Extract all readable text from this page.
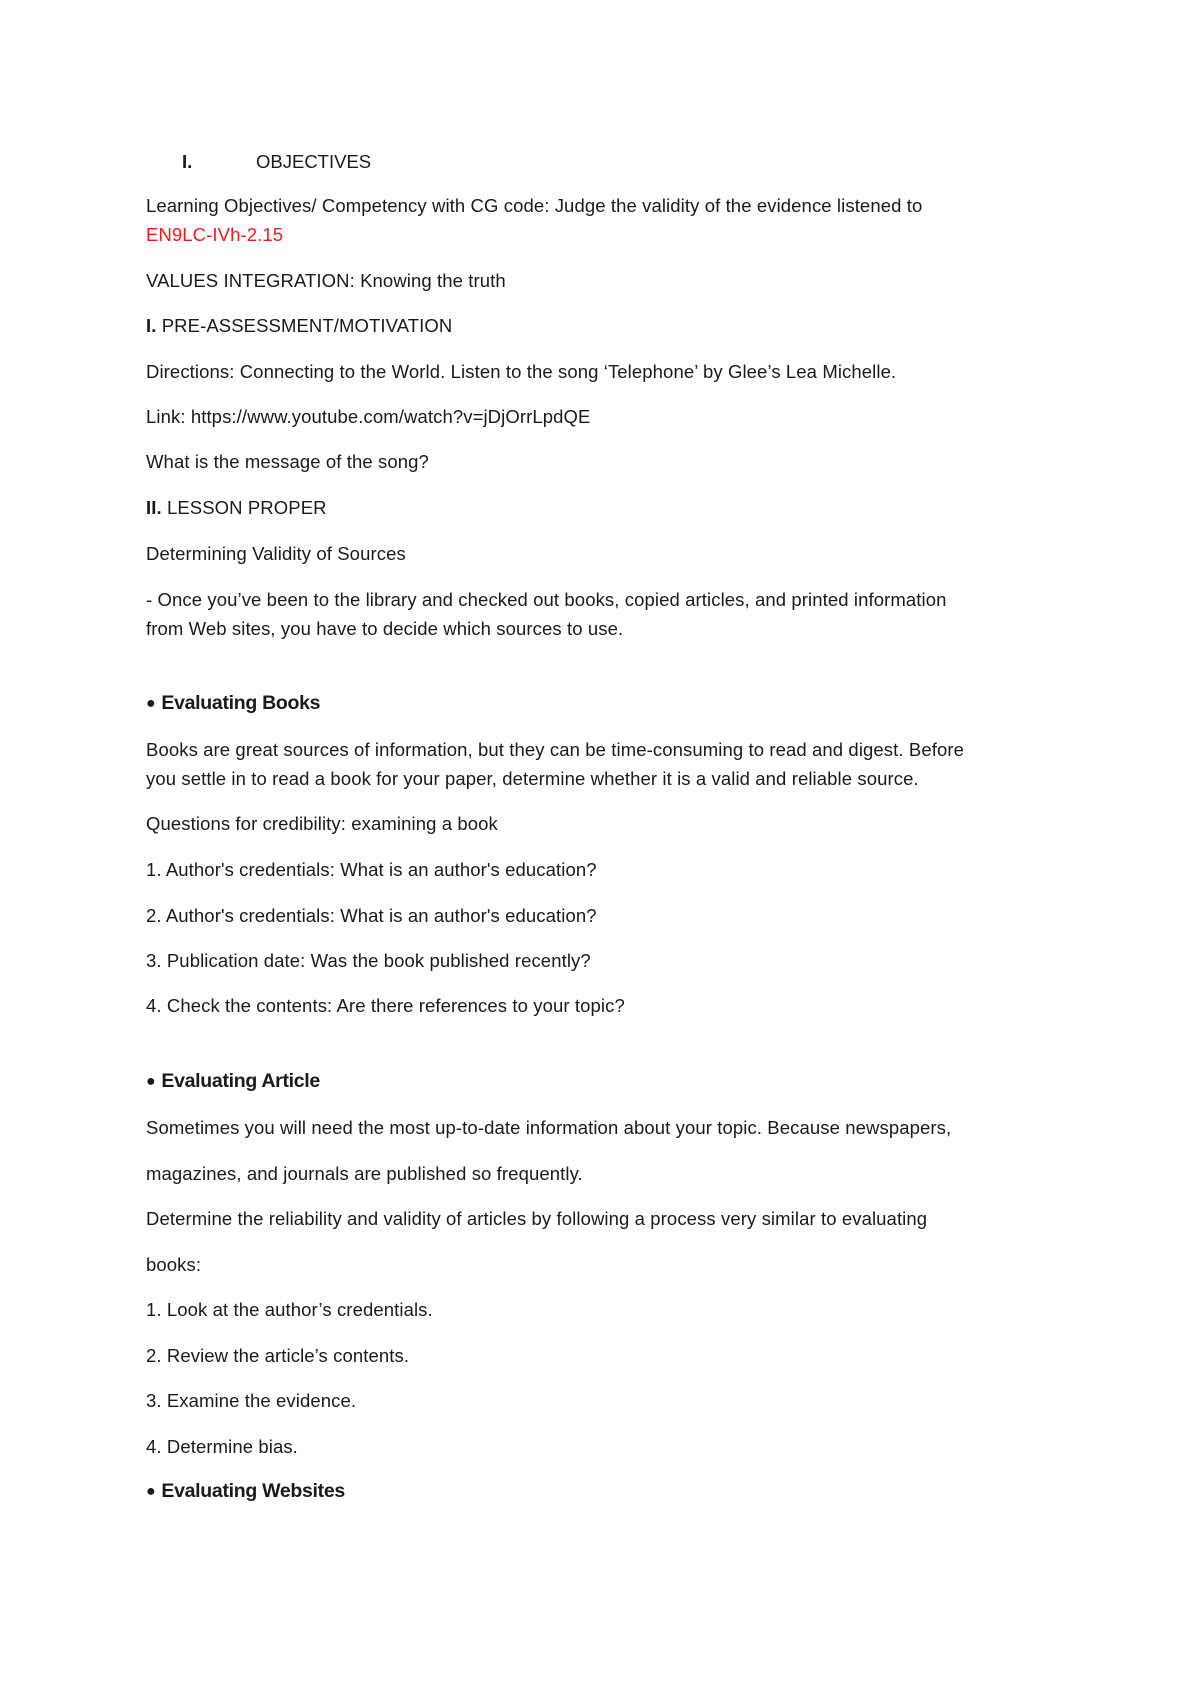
I.	OBJECTIVES
Learning Objectives/ Competency with CG code: Judge the validity of the evidence listened to
EN9LC-IVh-2.15
VALUES INTEGRATION: Knowing the truth
I. PRE-ASSESSMENT/MOTIVATION
Directions: Connecting to the World. Listen to the song ‘Telephone’ by Glee’s Lea Michelle.
Link: https://www.youtube.com/watch?v=jDjOrrLpdQE
What is the message of the song?
II. LESSON PROPER
Determining Validity of Sources
- Once you’ve been to the library and checked out books, copied articles, and printed information
from Web sites, you have to decide which sources to use.
● Evaluating Books
Books are great sources of information, but they can be time-consuming to read and digest. Before
you settle in to read a book for your paper, determine whether it is a valid and reliable source.
Questions for credibility: examining a book
1. Author's credentials: What is an author's education?
2. Author's credentials: What is an author's education?
3. Publication date: Was the book published recently?
4. Check the contents: Are there references to your topic?
● Evaluating Article
Sometimes you will need the most up-to-date information about your topic. Because newspapers,
magazines, and journals are published so frequently.
Determine the reliability and validity of articles by following a process very similar to evaluating
books:
1. Look at the author’s credentials.
2. Review the article’s contents.
3. Examine the evidence.
4. Determine bias.
● Evaluating Websites
